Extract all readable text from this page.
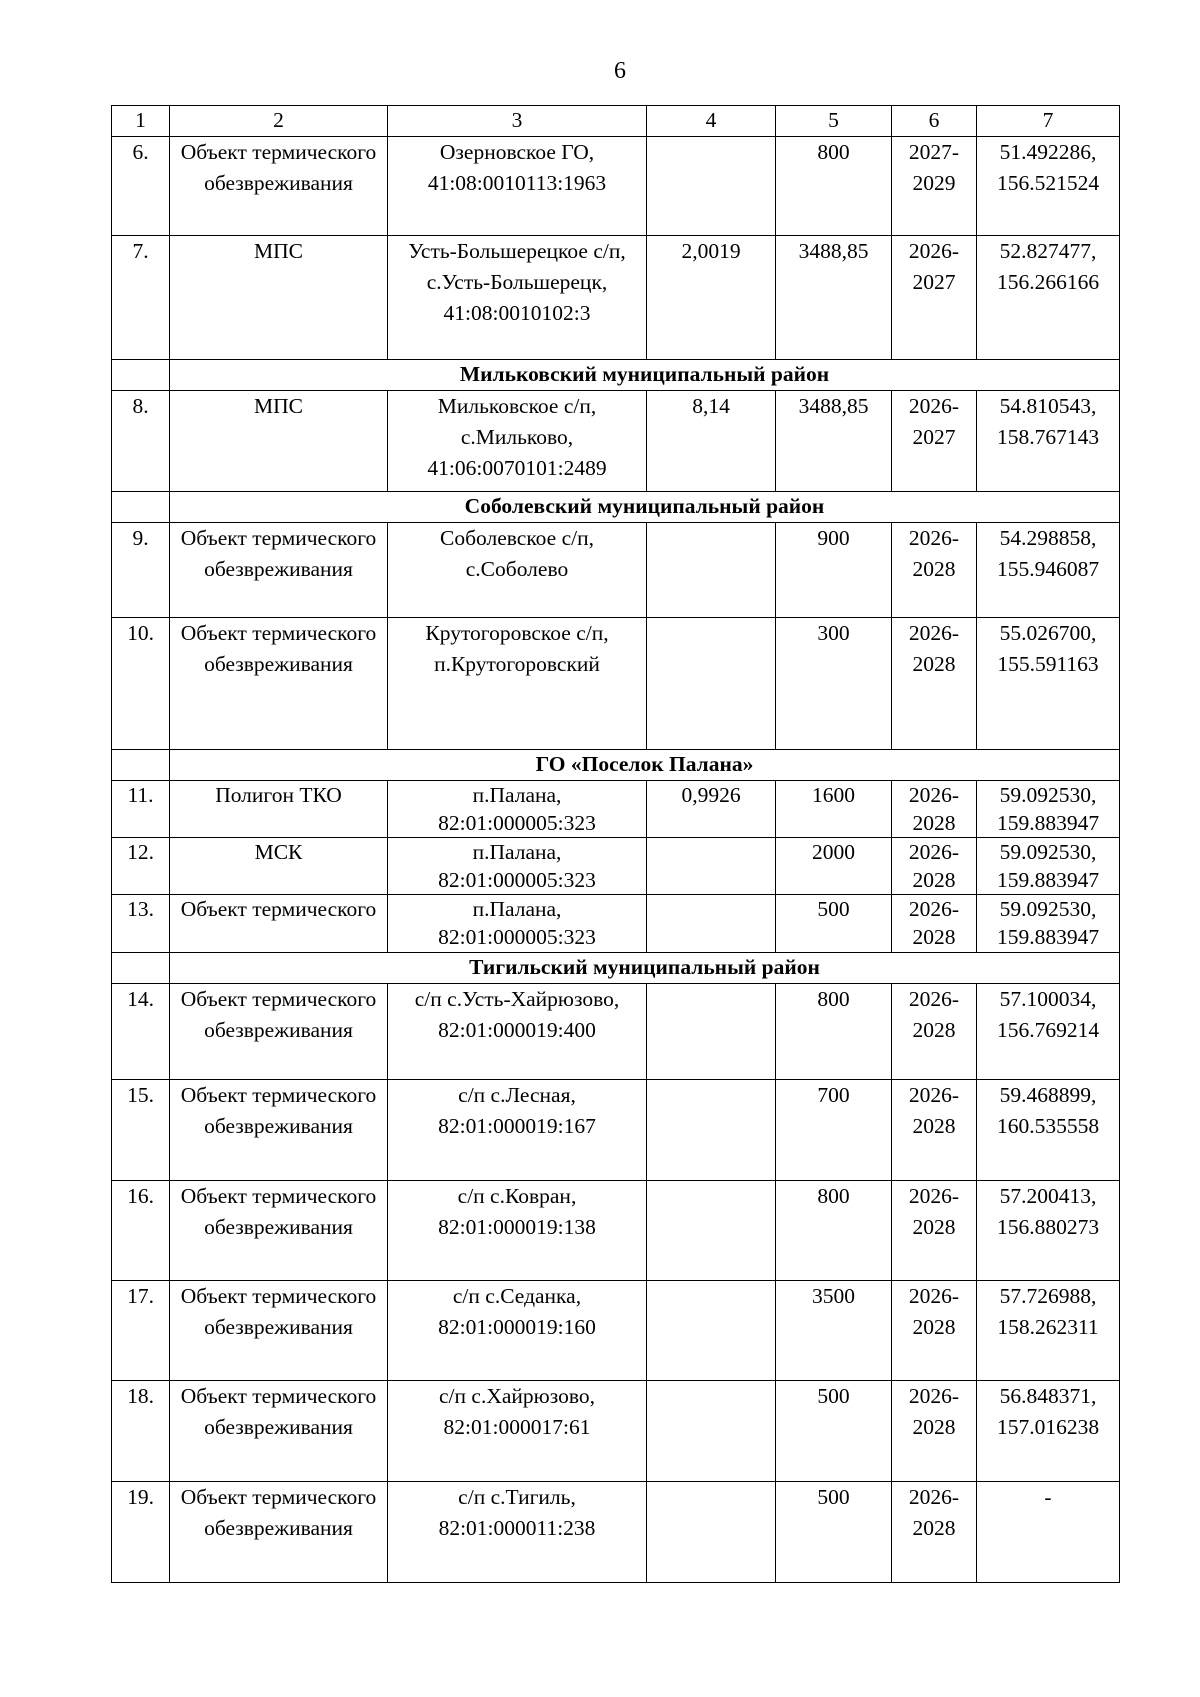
6
1	2	3	4	5	6	7
6.	Объект термического обезвреживания	Озерновское ГО, 41:08:0010113:1963		800	2027-2029	51.492286, 156.521524
7.	МПС	Усть-Большерецкое с/п, с.Усть-Большерецк, 41:08:0010102:3	2,0019	3488,85	2026-2027	52.827477, 156.266166
	Мильковский муниципальный район					
8.	МПС	Мильковское с/п, с.Мильково, 41:06:0070101:2489	8,14	3488,85	2026-2027	54.810543, 158.767143
	Соболевский муниципальный район					
9.	Объект термического обезвреживания	Соболевское с/п, с.Соболево		900	2026-2028	54.298858, 155.946087
10.	Объект термического обезвреживания	Крутогоровское с/п, п.Крутогоровский		300	2026-2028	55.026700, 155.591163
	ГО «Поселок Палана»					
11.	Полигон ТКО	п.Палана, 82:01:000005:323	0,9926	1600	2026-2028	59.092530, 159.883947
12.	МСК	п.Палана, 82:01:000005:323		2000	2026-2028	59.092530, 159.883947
13.	Объект термического	п.Палана, 82:01:000005:323		500	2026-2028	59.092530, 159.883947
	Тигильский муниципальный район					
14.	Объект термического обезвреживания	с/п с.Усть-Хайрюзово, 82:01:000019:400		800	2026-2028	57.100034, 156.769214
15.	Объект термического обезвреживания	с/п с.Лесная, 82:01:000019:167		700	2026-2028	59.468899, 160.535558
16.	Объект термического обезвреживания	с/п с.Ковран, 82:01:000019:138		800	2026-2028	57.200413, 156.880273
17.	Объект термического обезвреживания	с/п с.Седанка, 82:01:000019:160		3500	2026-2028	57.726988, 158.262311
18.	Объект термического обезвреживания	с/п с.Хайрюзово, 82:01:000017:61		500	2026-2028	56.848371, 157.016238
19.	Объект термического обезвреживания	с/п с.Тигиль, 82:01:000011:238		500	2026-2028	-
